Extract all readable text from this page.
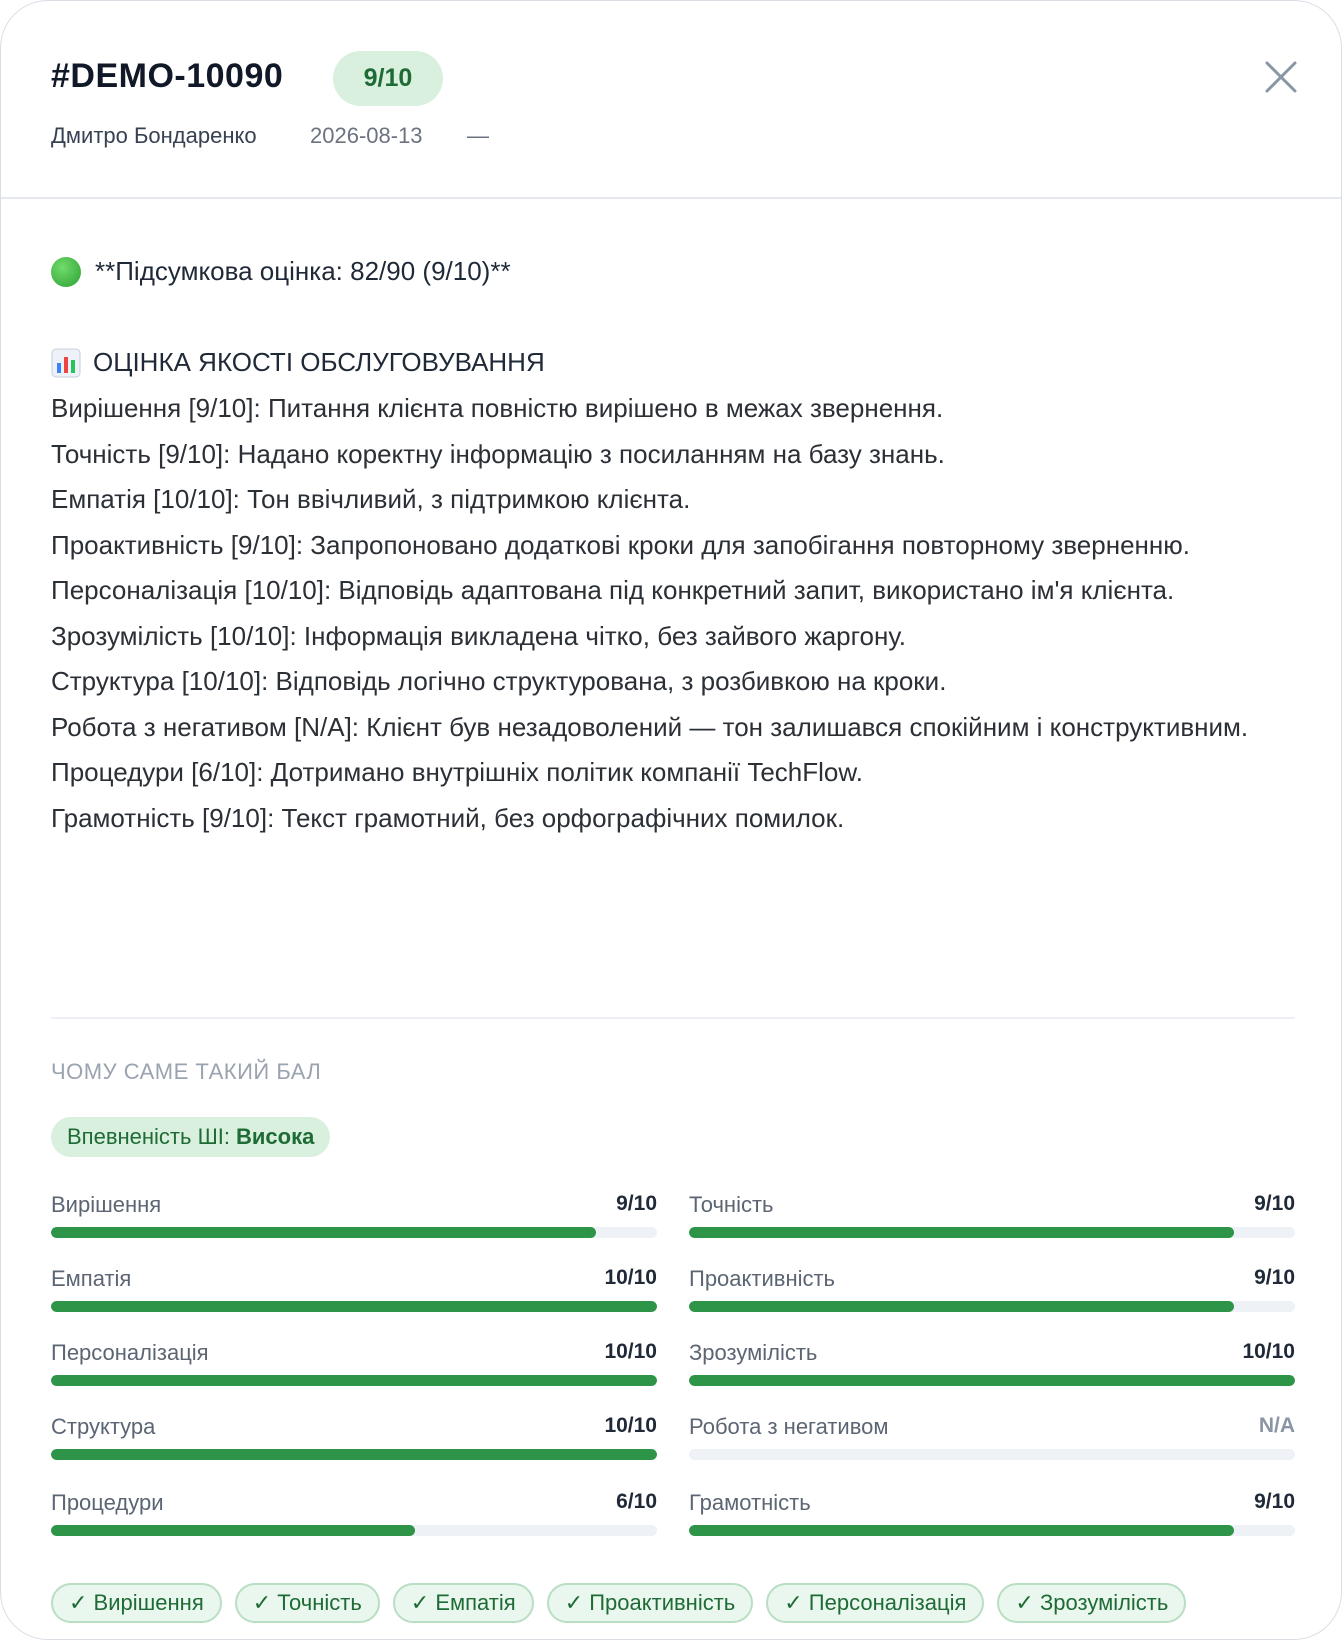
#DEMO-10090	9/10
Дмитро Бондаренко 2026-08-13 —
**Підсумкова оцінка: 82/90 (9/10)**
ОЦІНКА ЯКОСТІ ОБСЛУГОВУВАННЯ
Вирішення [9/10]: Питання клієнта повністю вирішено в межах звернення.
Точність [9/10]: Надано коректну інформацію з посиланням на базу знань.
Емпатія [10/10]: Тон ввічливий, з підтримкою клієнта.
Проактивність [9/10]: Запропоновано додаткові кроки для запобігання повторному зверненню.
Персоналізація [10/10]: Відповідь адаптована під конкретний запит, використано ім'я клієнта.
Зрозумілість [10/10]: Інформація викладена чітко, без зайвого жаргону.
Структура [10/10]: Відповідь логічно структурована, з розбивкою на кроки.
Робота з негативом [N/A]: Клієнт був незадоволений — тон залишався спокійним і конструктивним.
Процедури [6/10]: Дотримано внутрішніх політик компанії TechFlow.
Грамотність [9/10]: Текст грамотний, без орфографічних помилок.
ЧОМУ САМЕ ТАКИЙ БАЛ
Впевненість ШІ: Висока
Вирішення	9/10 Точність	9/10
Емпатія	10/10 Проактивність	9/10
Персоналізація	10/10 Зрозумілість	10/10
Структура	10/10 Робота з негативом	N/A
Процедури	6/10 Грамотність	9/10
✓ Вирішення	✓ Точність	✓ Емпатія	✓ Проактивність	✓ Персоналізація	✓ Зрозумілість
